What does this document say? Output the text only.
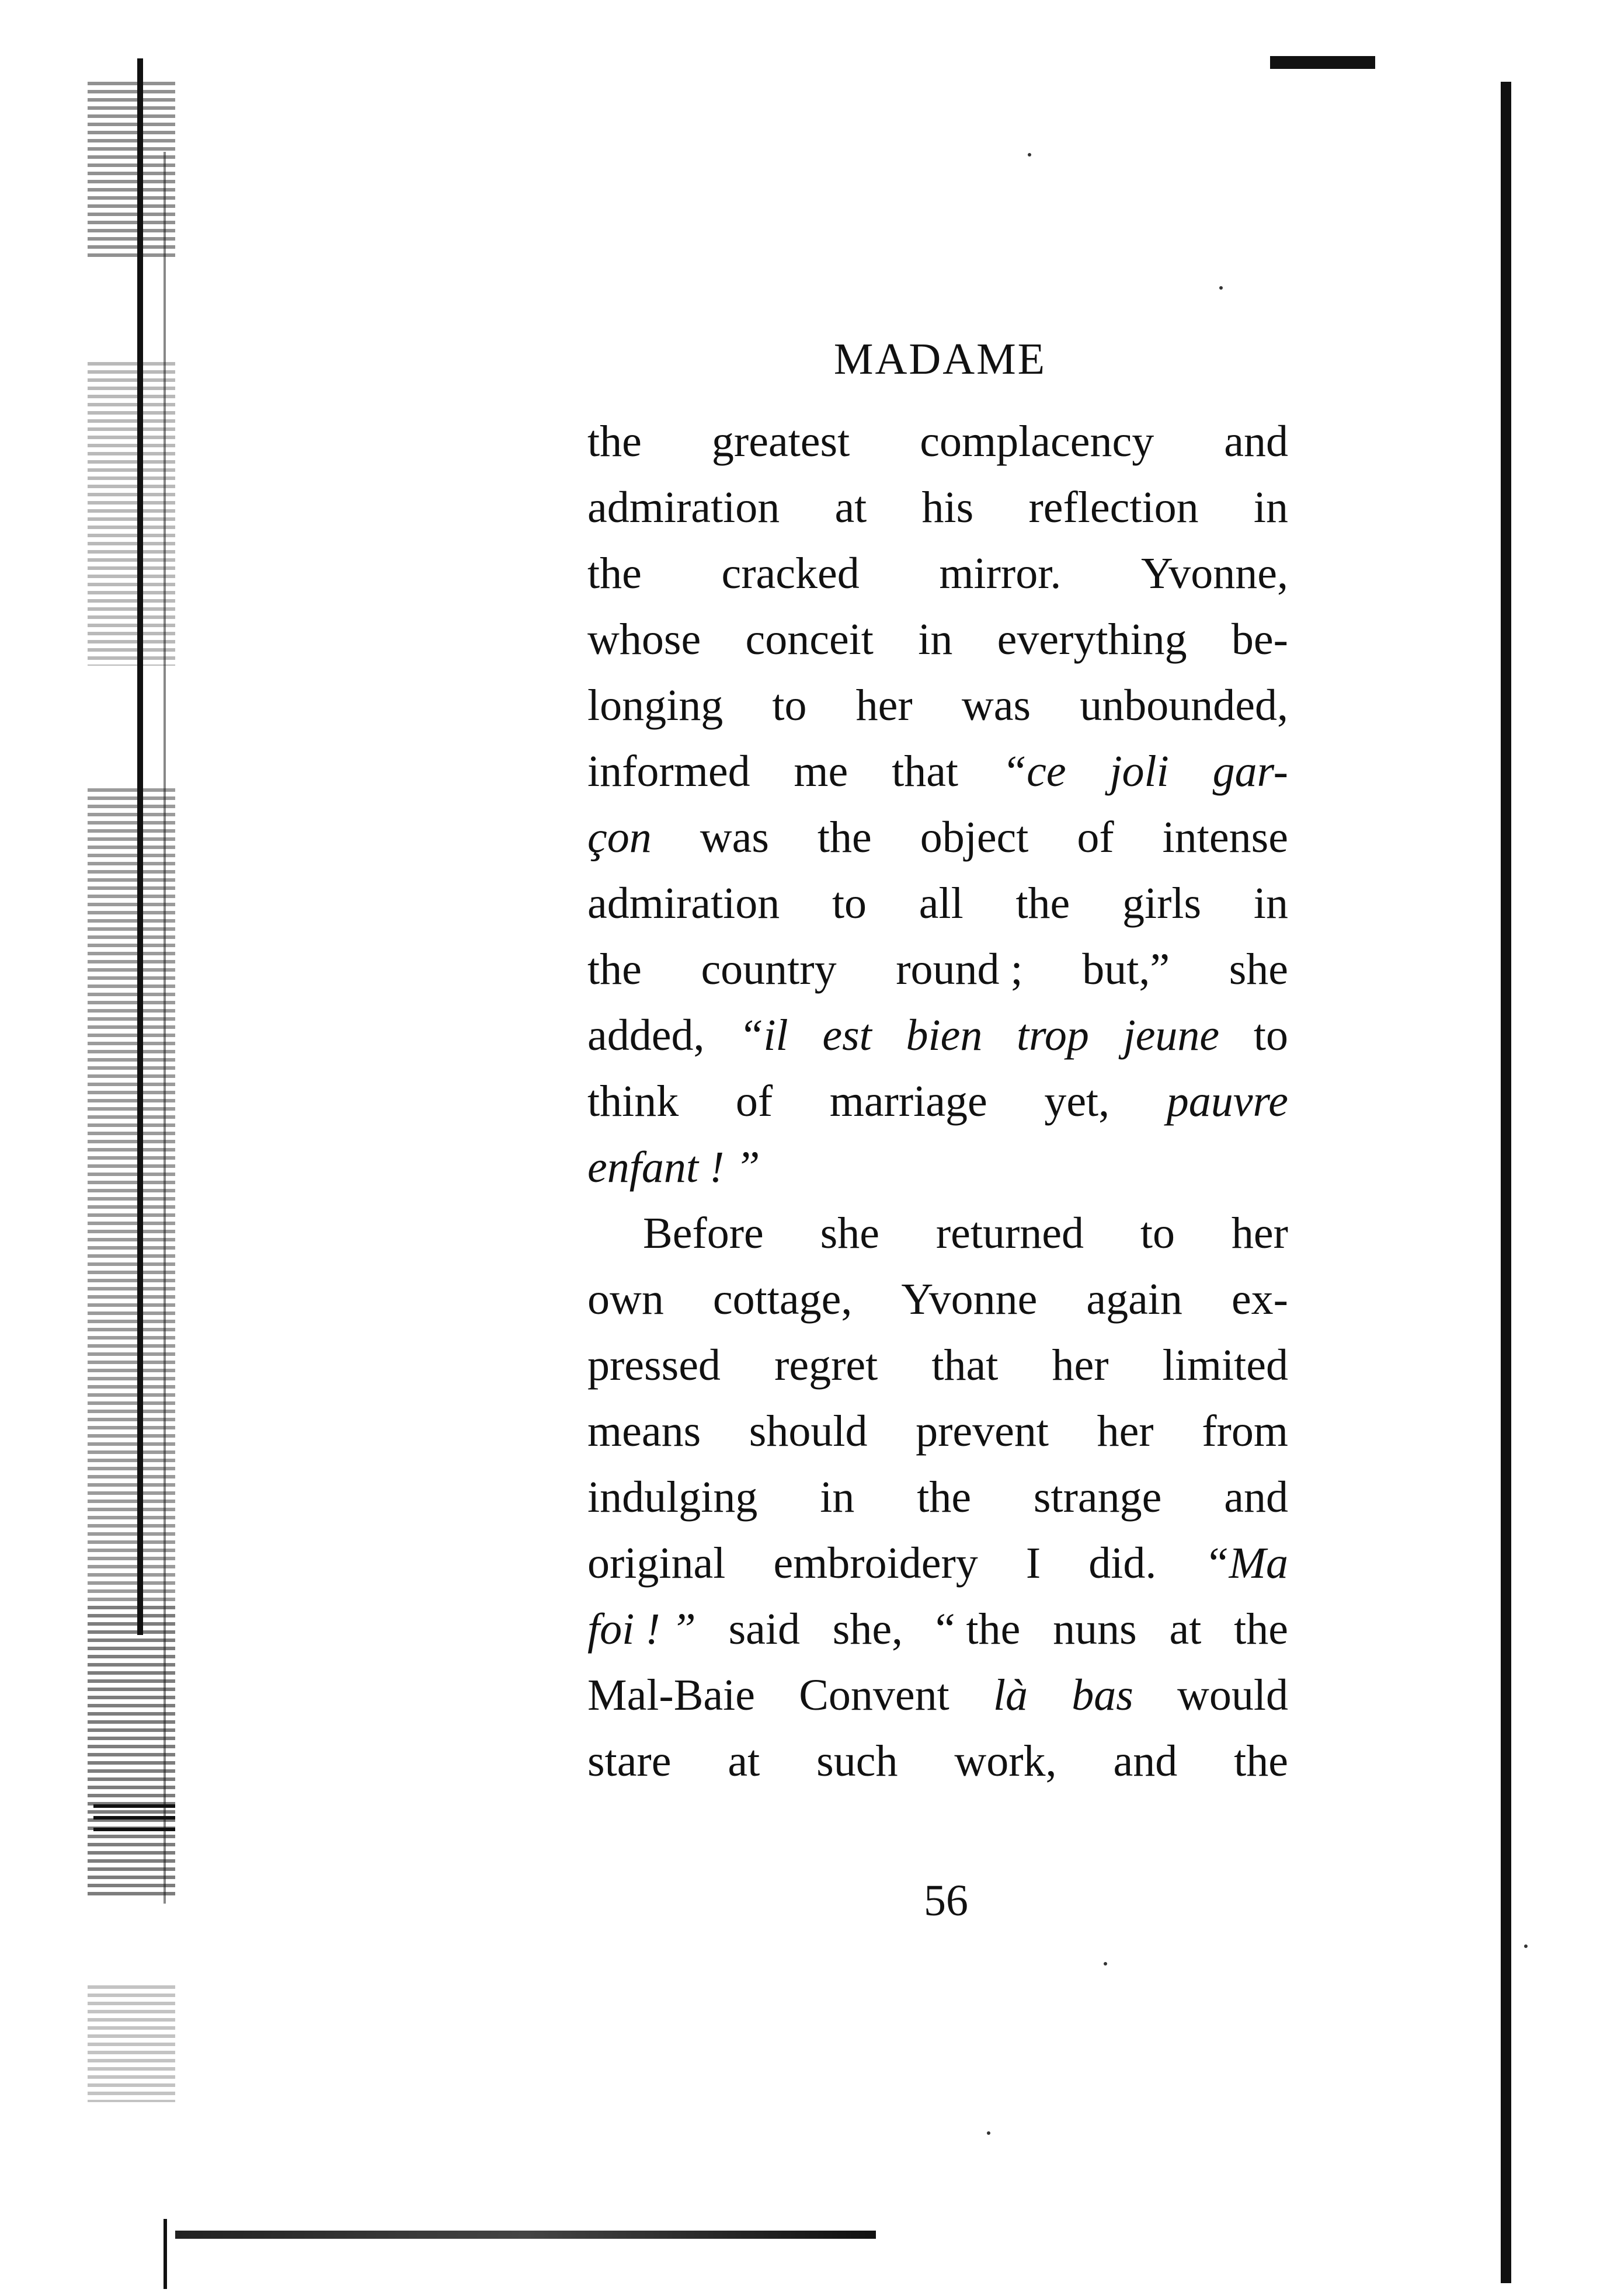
MADAME
the greatest complacency and
admiration at his reflection in
the cracked mirror. Yvonne,
whose conceit in everything be-
longing to her was unbounded,
informed me that “ce joli gar-
çon was the object of intense
admiration to all the girls in
the country round ; but,” she
added, “il est bien trop jeune to
think of marriage yet, pauvre
enfant ! ”
Before she returned to her
own cottage, Yvonne again ex-
pressed regret that her limited
means should prevent her from
indulging in the strange and
original embroidery I did. “Ma
foi ! ” said she, “ the nuns at the
Mal-Baie Convent là bas would
stare at such work, and the
56
